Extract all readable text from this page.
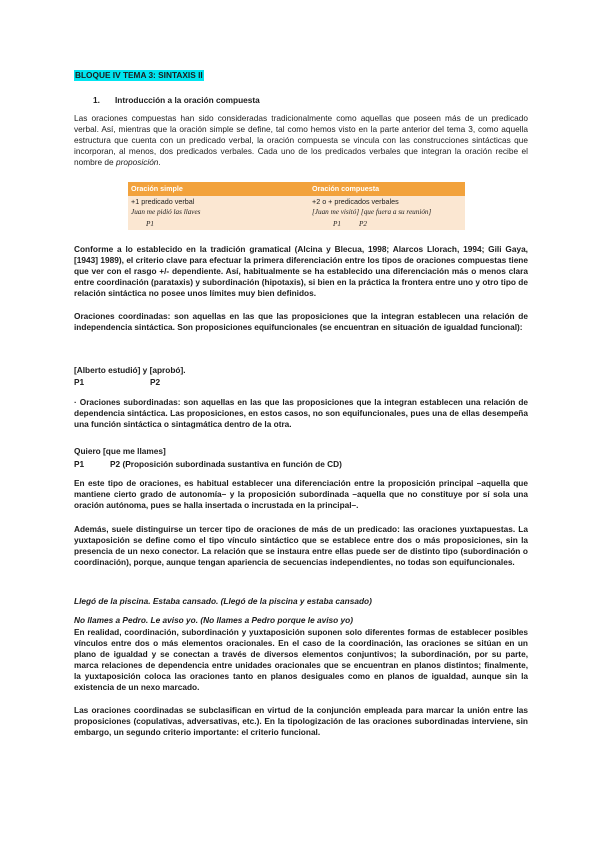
BLOQUE IV TEMA 3: SINTAXIS II
1. Introducción a la oración compuesta

Las oraciones compuestas han sido consideradas tradicionalmente como aquellas que poseen más de un predicado verbal. Así, mientras que la oración simple se define, tal como hemos visto en la parte anterior del tema 3, como aquella estructura que cuenta con un predicado verbal, la oración compuesta se vincula con las construcciones sintácticas que incorporan, al menos, dos predicados verbales. Cada uno de los predicados verbales que integran la oración recibe el nombre de proposición.

Oración simple	Oración compuesta
+1 predicado verbal	+2 o + predicados verbales
Juan me pidió las llaves	[Juan me visitó] [que fuera a su reunión]
P1	P1          P2

Conforme a lo establecido en la tradición gramatical (Alcina y Blecua, 1998; Alarcos Llorach, 1994; Gili Gaya, [1943] 1989), el criterio clave para efectuar la primera diferenciación entre los tipos de oraciones compuestas tiene que ver con el rasgo +/- dependiente. Así, habitualmente se ha establecido una diferenciación más o menos clara entre coordinación (parataxis) y subordinación (hipotaxis), si bien en la práctica la frontera entre uno y otro tipo de relación sintáctica no posee unos límites muy bien definidos.

Oraciones coordinadas: son aquellas en las que las proposiciones que la integran establecen una relación de independencia sintáctica. Son proposiciones equifuncionales (se encuentran en situación de igualdad funcional):

[Alberto estudió] y [aprobó].

P1	P2

· Oraciones subordinadas: son aquellas en las que las proposiciones que la integran establecen una relación de dependencia sintáctica. Las proposiciones, en estos casos, no son equifuncionales, pues una de ellas desempeña una función sintáctica o sintagmática dentro de la otra.

Quiero [que me llames]

P1	P2 (Proposición subordinada sustantiva en función de CD)

En este tipo de oraciones, es habitual establecer una diferenciación entre la proposición principal –aquella que mantiene cierto grado de autonomía– y la proposición subordinada –aquella que no constituye por sí sola una oración autónoma, pues se halla insertada o incrustada en la principal–.

Además, suele distinguirse un tercer tipo de oraciones de más de un predicado: las oraciones yuxtapuestas. La yuxtaposición se define como el tipo vínculo sintáctico que se establece entre dos o más proposiciones, sin la presencia de un nexo conector. La relación que se instaura entre ellas puede ser de distinto tipo (subordinación o coordinación), porque, aunque tengan apariencia de secuencias independientes, no todas son equifuncionales.

Llegó de la piscina. Estaba cansado. (Llegó de la piscina y estaba cansado)

No llames a Pedro. Le aviso yo. (No llames a Pedro porque le aviso yo)

En realidad, coordinación, subordinación y yuxtaposición suponen solo diferentes formas de establecer posibles vínculos entre dos o más elementos oracionales. En el caso de la coordinación, las oraciones se sitúan en un plano de igualdad y se conectan a través de diversos elementos conjuntivos; la subordinación, por su parte, marca relaciones de dependencia entre unidades oracionales que se encuentran en planos distintos; finalmente, la yuxtaposición coloca las oraciones tanto en planos desiguales como en planos de igualdad, aunque sin la existencia de un nexo marcado.

Las oraciones coordinadas se subclasifican en virtud de la conjunción empleada para marcar la unión entre las proposiciones (copulativas, adversativas, etc.). En la tipologización de las oraciones subordinadas interviene, sin embargo, un segundo criterio importante: el criterio funcional.
